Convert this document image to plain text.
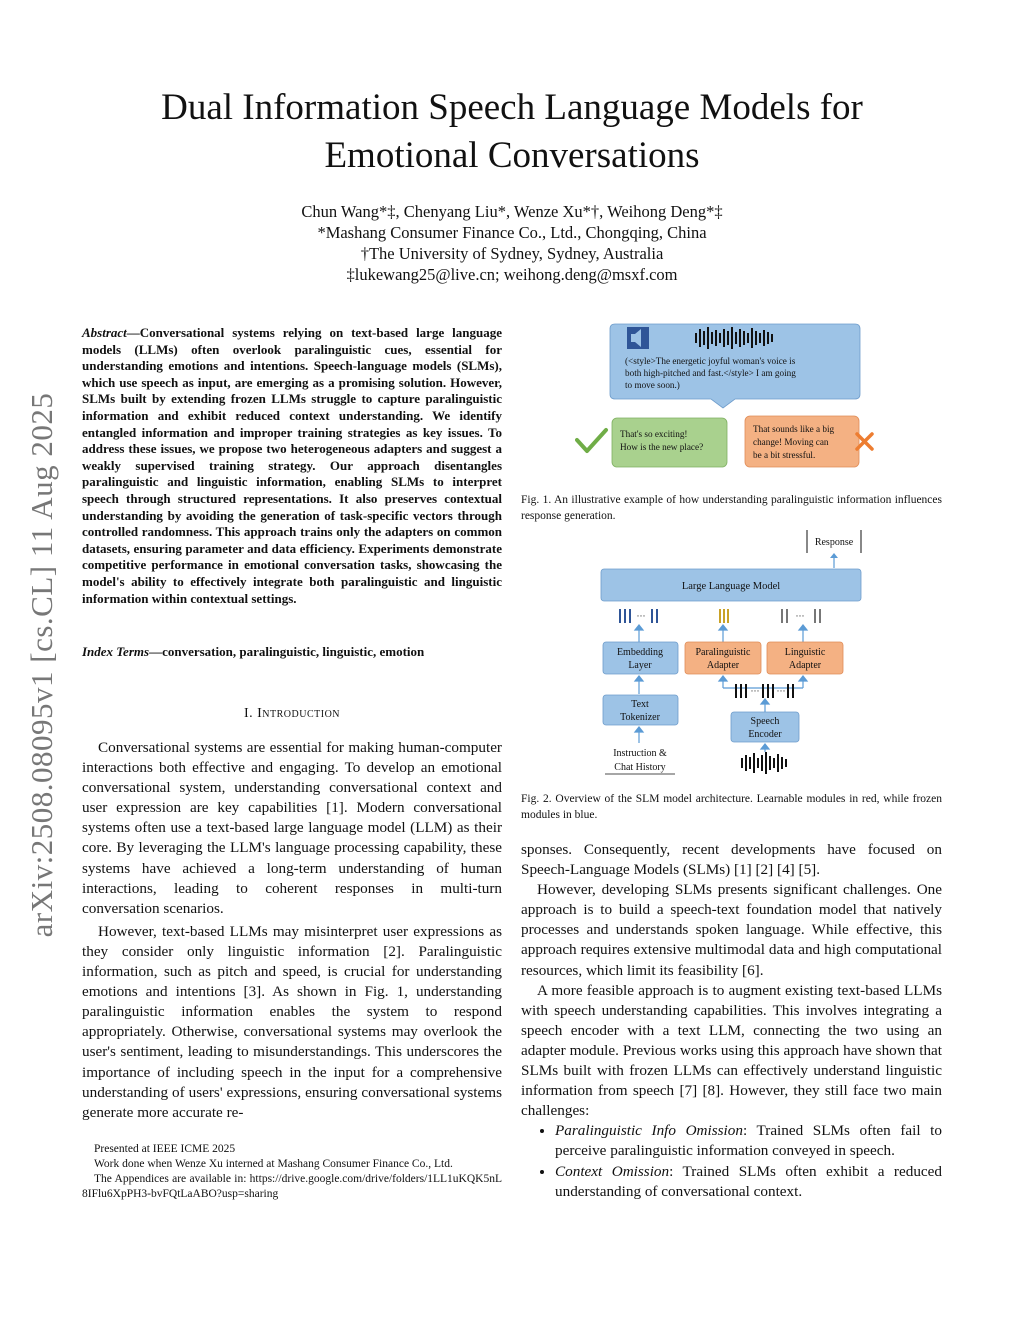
Dual Information Speech Language Models for
Emotional Conversations
Chun Wang*‡, Chenyang Liu*, Wenze Xu*†, Weihong Deng*‡
*Mashang Consumer Finance Co., Ltd., Chongqing, China
†The University of Sydney, Sydney, Australia
‡lukewang25@live.cn; weihong.deng@msxf.com
arXiv:2508.08095v1 [cs.CL] 11 Aug 2025
Abstract—Conversational systems relying on text-based large language models (LLMs) often overlook paralinguistic cues, essential for understanding emotions and intentions. Speech-language models (SLMs), which use speech as input, are emerging as a promising solution. However, SLMs built by extending frozen LLMs struggle to capture paralinguistic information and exhibit reduced context understanding. We identify entangled information and improper training strategies as key issues. To address these issues, we propose two heterogeneous adapters and suggest a weakly supervised training strategy. Our approach disentangles paralinguistic and linguistic information, enabling SLMs to interpret speech through structured representations. It also preserves contextual understanding by avoiding the generation of task-specific vectors through controlled randomness. This approach trains only the adapters on common datasets, ensuring parameter and data efficiency. Experiments demonstrate competitive performance in emotional conversation tasks, showcasing the model's ability to effectively integrate both paralinguistic and linguistic information within contextual settings.
Index Terms—conversation, paralinguistic, linguistic, emotion
I. Introduction

Conversational systems are essential for making human-computer interactions both effective and engaging. To develop an emotional conversational system, understanding conversational context and user expression are key capabilities [1]. Modern conversational systems often use a text-based large language model (LLM) as their core. By leveraging the LLM's language processing capability, these systems have achieved a long-term understanding of human interactions, leading to coherent responses in multi-turn conversation scenarios.

However, text-based LLMs may misinterpret user expressions as they consider only linguistic information [2]. Paralinguistic information, such as pitch and speed, is crucial for understanding emotions and intentions [3]. As shown in Fig. 1, understanding paralinguistic information enables the system to respond appropriately. Otherwise, conversational systems may overlook the user's sentiment, leading to misunderstandings. This underscores the importance of including speech in the input for a comprehensive understanding of users' expressions, ensuring conversational systems generate more accurate re-

Presented at IEEE ICME 2025
Work done when Wenze Xu interned at Mashang Consumer Finance Co., Ltd.
The Appendices are available in: https://drive.google.com/drive/folders/1LL1uKQK5nL8IFlu6XpPH3-bvFQtLaABO?usp=sharing
(<style>The energetic joyful woman's voice is
both high-pitched and fast.</style> I am going
to move soon.)
That's so exciting!
How is the new place?
That sounds like a big
change! Moving can
be a bit stressful.
Fig. 1. An illustrative example of how understanding paralinguistic information influences response generation.
Response
Large Language Model
···	···
Embedding
Layer
Paralinguistic
Adapter
Linguistic
Adapter
··· ···
Text
Tokenizer	Speech
Encoder
Instruction &
Chat History
Fig. 2. Overview of the SLM model architecture. Learnable modules in red, while frozen modules in blue.

sponses. Consequently, recent developments have focused on Speech-Language Models (SLMs) [1] [2] [4] [5].

However, developing SLMs presents significant challenges. One approach is to build a speech-text foundation model that natively processes and understands spoken language. While effective, this approach requires extensive multimodal data and high computational resources, which limit its feasibility [6].

A more feasible approach is to augment existing text-based LLMs with speech understanding capabilities. This involves integrating a speech encoder with a text LLM, connecting the two using an adapter module. Previous works using this approach have shown that SLMs built with frozen LLMs can effectively understand linguistic information from speech [7] [8]. However, they still face two main challenges:

• Paralinguistic Info Omission: Trained SLMs often fail to perceive paralinguistic information conveyed in speech.
• Context Omission: Trained SLMs often exhibit a reduced understanding of conversational context.
